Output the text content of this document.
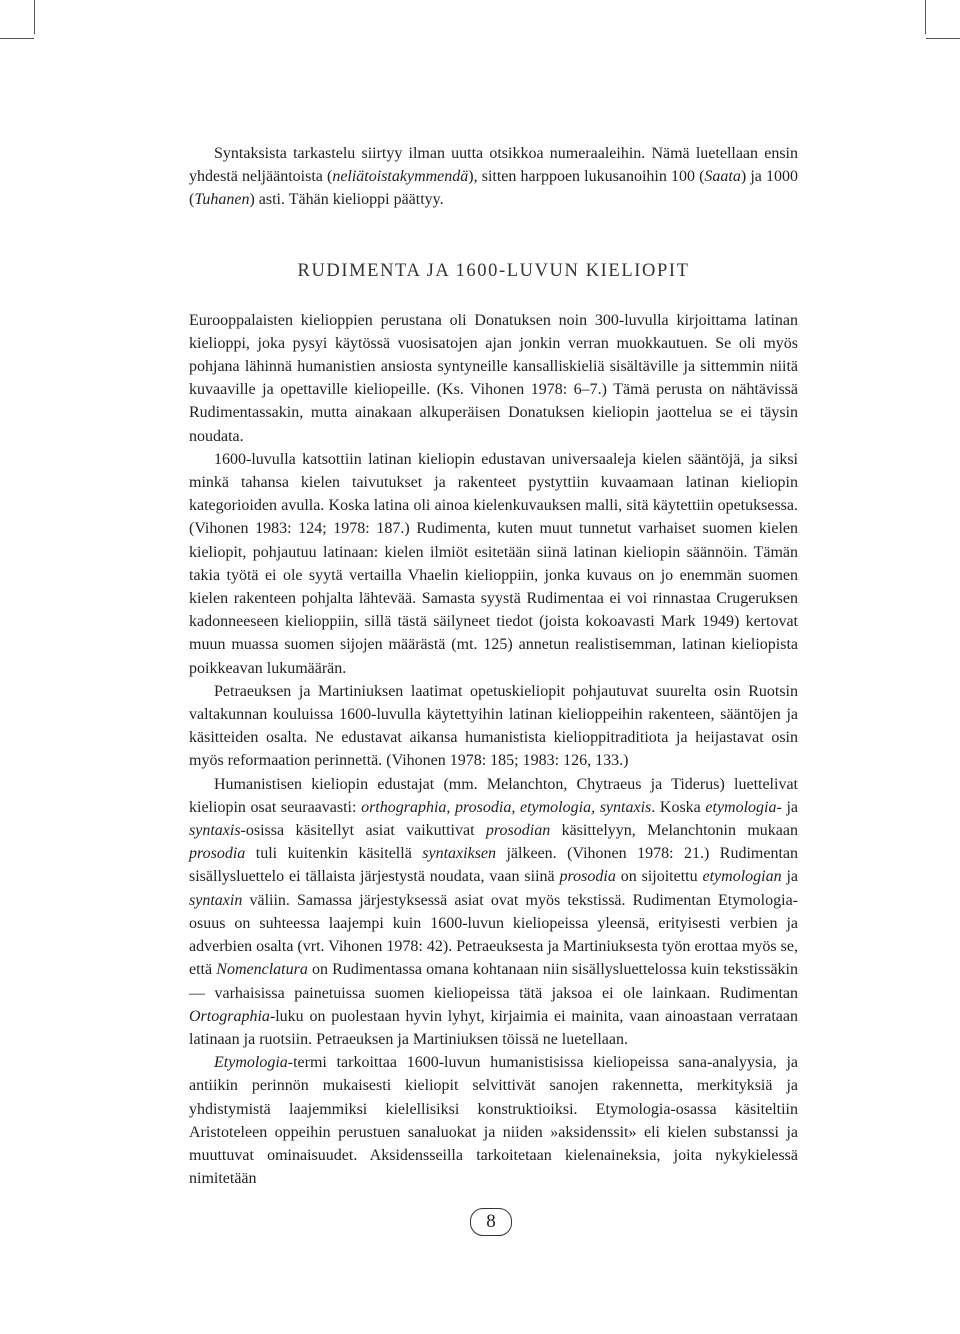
Syntaksista tarkastelu siirtyy ilman uutta otsikkoa numeraaleihin. Nämä luetellaan ensin yhdestä neljääntoista (neliätoistakymmendä), sitten harppoen lukusanoihin 100 (Saata) ja 1000 (Tuhanen) asti. Tähän kielioppi päättyy.

RUDIMENTA JA 1600-LUVUN KIELIOPIT

Eurooppalaisten kielioppien perustana oli Donatuksen noin 300-luvulla kirjoittama latinan kielioppi, joka pysyi käytössä vuosisatojen ajan jonkin verran muokkautuen. Se oli myös pohjana lähinnä humanistien ansiosta syntyneille kansalliskieliä sisältäville ja sittemmin niitä kuvaaville ja opettaville kieliopeille. (Ks. Vihonen 1978: 6–7.) Tämä perusta on nähtävissä Rudimentassakin, mutta ainakaan alkuperäisen Donatuksen kieliopin jaottelua se ei täysin noudata.

1600-luvulla katsottiin latinan kieliopin edustavan universaaleja kielen sääntöjä, ja siksi minkä tahansa kielen taivutukset ja rakenteet pystyttiin kuvaamaan latinan kieliopin kategorioiden avulla. Koska latina oli ainoa kielenkuvauksen malli, sitä käytettiin opetuksessa. (Vihonen 1983: 124; 1978: 187.) Rudimenta, kuten muut tunnetut varhaiset suomen kielen kieliopit, pohjautuu latinaan: kielen ilmiöt esitetään siinä latinan kieliopin säännöin. Tämän takia työtä ei ole syytä vertailla Vhaelin kielioppiin, jonka kuvaus on jo enemmän suomen kielen rakenteen pohjalta lähtevää. Samasta syystä Rudimentaa ei voi rinnastaa Crugeruksen kadonneeseen kielioppiin, sillä tästä säilyneet tiedot (joista kokoavasti Mark 1949) kertovat muun muassa suomen sijojen määrästä (mt. 125) annetun realistisemman, latinan kieliopista poikkeavan lukumäärän.

Petraeuksen ja Martiniuksen laatimat opetuskieliopit pohjautuvat suurelta osin Ruotsin valtakunnan kouluissa 1600-luvulla käytettyihin latinan kielioppeihin rakenteen, sääntöjen ja käsitteiden osalta. Ne edustavat aikansa humanistista kielioppitraditiota ja heijastavat osin myös reformaation perinnettä. (Vihonen 1978: 185; 1983: 126, 133.)

Humanistisen kieliopin edustajat (mm. Melanchton, Chytraeus ja Tiderus) luettelivat kieliopin osat seuraavasti: orthographia, prosodia, etymologia, syntaxis. Koska etymologia- ja syntaxis-osissa käsitellyt asiat vaikuttivat prosodian käsittelyyn, Melanchtonin mukaan prosodia tuli kuitenkin käsitellä syntaxiksen jälkeen. (Vihonen 1978: 21.) Rudimentan sisällysluettelo ei tällaista järjestystä noudata, vaan siinä prosodia on sijoitettu etymologian ja syntaxin väliin. Samassa järjestyksessä asiat ovat myös tekstissä. Rudimentan Etymologia-osuus on suhteessa laajempi kuin 1600-luvun kieliopeissa yleensä, erityisesti verbien ja adverbien osalta (vrt. Vihonen 1978: 42). Petraeuksesta ja Martiniuksesta työn erottaa myös se, että Nomenclatura on Rudimentassa omana kohtanaan niin sisällysluettelossa kuin tekstissäkin — varhaisissa painetuissa suomen kieliopeissa tätä jaksoa ei ole lainkaan. Rudimentan Ortographia-luku on puolestaan hyvin lyhyt, kirjaimia ei mainita, vaan ainoastaan verrataan latinaan ja ruotsiin. Petraeuksen ja Martiniuksen töissä ne luetellaan.

Etymologia-termi tarkoittaa 1600-luvun humanistisissa kieliopeissa sana-analyysia, ja antiikin perinnön mukaisesti kieliopit selvittivät sanojen rakennetta, merkityksiä ja yhdistymistä laajemmiksi kielellisiksi konstruktioiksi. Etymologia-osassa käsiteltiin Aristoteleen oppeihin perustuen sanaluokat ja niiden »aksidenssit» eli kielen substanssi ja muuttuvat ominaisuudet. Aksidensseilla tarkoitetaan kielenaineksia, joita nykykielessä nimitetään

8
